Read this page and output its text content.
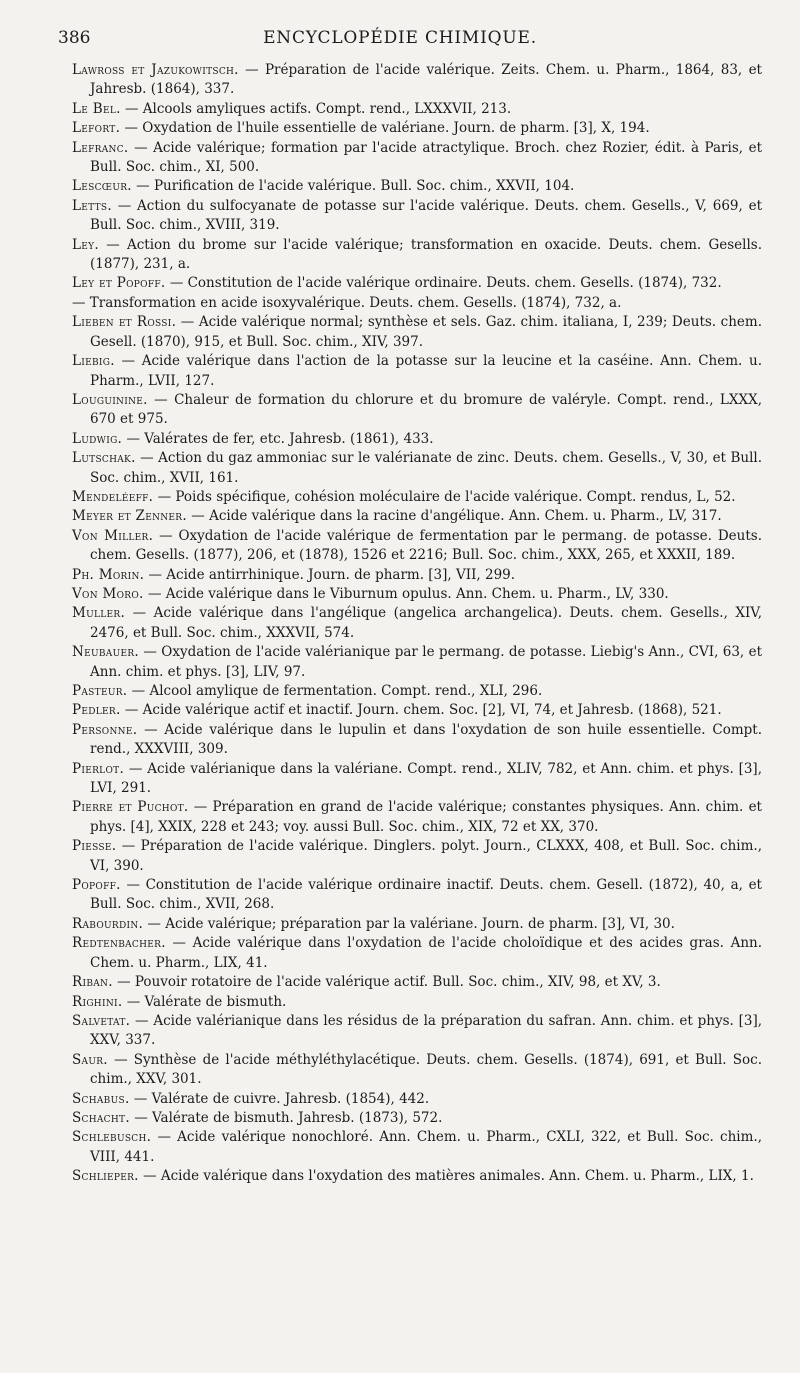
386	ENCYCLOPÉDIE CHIMIQUE.

Lawross et Jazukowitsch. — Préparation de l'acide valérique. Zeits. Chem. u. Pharm., 1864, 83, et Jahresb. (1864), 337.

Le Bel. — Alcools amyliques actifs. Compt. rend., LXXXVII, 213.

Lefort. — Oxydation de l'huile essentielle de valériane. Journ. de pharm. [3], X, 194.

Lefranc. — Acide valérique; formation par l'acide atractylique. Broch. chez Rozier, édit. à Paris, et Bull. Soc. chim., XI, 500.

Lescœur. — Purification de l'acide valérique. Bull. Soc. chim., XXVII, 104.

Letts. — Action du sulfocyanate de potasse sur l'acide valérique. Deuts. chem. Gesells., V, 669, et Bull. Soc. chim., XVIII, 319.

Ley. — Action du brome sur l'acide valérique; transformation en oxacide. Deuts. chem. Gesells. (1877), 231, a.

Ley et Popoff. — Constitution de l'acide valérique ordinaire. Deuts. chem. Gesells. (1874), 732.

— Transformation en acide isoxyvalérique. Deuts. chem. Gesells. (1874), 732, a.

Lieben et Rossi. — Acide valérique normal; synthèse et sels. Gaz. chim. italiana, I, 239; Deuts. chem. Gesell. (1870), 915, et Bull. Soc. chim., XIV, 397.

Liebig. — Acide valérique dans l'action de la potasse sur la leucine et la caséine. Ann. Chem. u. Pharm., LVII, 127.

Louguinine. — Chaleur de formation du chlorure et du bromure de valéryle. Compt. rend., LXXX, 670 et 975.

Ludwig. — Valérates de fer, etc. Jahresb. (1861), 433.

Lutschak. — Action du gaz ammoniac sur le valérianate de zinc. Deuts. chem. Gesells., V, 30, et Bull. Soc. chim., XVII, 161.

Mendeléeff. — Poids spécifique, cohésion moléculaire de l'acide valérique. Compt. rendus, L, 52.

Meyer et Zenner. — Acide valérique dans la racine d'angélique. Ann. Chem. u. Pharm., LV, 317.

Von Miller. — Oxydation de l'acide valérique de fermentation par le permang. de potasse. Deuts. chem. Gesells. (1877), 206, et (1878), 1526 et 2216; Bull. Soc. chim., XXX, 265, et XXXII, 189.

Ph. Morin. — Acide antirrhinique. Journ. de pharm. [3], VII, 299.

Von Moro. — Acide valérique dans le Viburnum opulus. Ann. Chem. u. Pharm., LV, 330.

Muller. — Acide valérique dans l'angélique (angelica archangelica). Deuts. chem. Gesells., XIV, 2476, et Bull. Soc. chim., XXXVII, 574.

Neubauer. — Oxydation de l'acide valérianique par le permang. de potasse. Liebig's Ann., CVI, 63, et Ann. chim. et phys. [3], LIV, 97.

Pasteur. — Alcool amylique de fermentation. Compt. rend., XLI, 296.

Pedler. — Acide valérique actif et inactif. Journ. chem. Soc. [2], VI, 74, et Jahresb. (1868), 521.

Personne. — Acide valérique dans le lupulin et dans l'oxydation de son huile essentielle. Compt. rend., XXXVIII, 309.

Pierlot. — Acide valérianique dans la valériane. Compt. rend., XLIV, 782, et Ann. chim. et phys. [3], LVI, 291.

Pierre et Puchot. — Préparation en grand de l'acide valérique; constantes physiques. Ann. chim. et phys. [4], XXIX, 228 et 243; voy. aussi Bull. Soc. chim., XIX, 72 et XX, 370.

Piesse. — Préparation de l'acide valérique. Dinglers. polyt. Journ., CLXXX, 408, et Bull. Soc. chim., VI, 390.

Popoff. — Constitution de l'acide valérique ordinaire inactif. Deuts. chem. Gesell. (1872), 40, a, et Bull. Soc. chim., XVII, 268.

Rabourdin. — Acide valérique; préparation par la valériane. Journ. de pharm. [3], VI, 30.

Redtenbacher. — Acide valérique dans l'oxydation de l'acide choloïdique et des acides gras. Ann. Chem. u. Pharm., LIX, 41.

Riban. — Pouvoir rotatoire de l'acide valérique actif. Bull. Soc. chim., XIV, 98, et XV, 3.

Righini. — Valérate de bismuth.

Salvetat. — Acide valérianique dans les résidus de la préparation du safran. Ann. chim. et phys. [3], XXV, 337.

Saur. — Synthèse de l'acide méthyléthylacétique. Deuts. chem. Gesells. (1874), 691, et Bull. Soc. chim., XXV, 301.

Schabus. — Valérate de cuivre. Jahresb. (1854), 442.

Schacht. — Valérate de bismuth. Jahresb. (1873), 572.

Schlebusch. — Acide valérique nonochloré. Ann. Chem. u. Pharm., CXLI, 322, et Bull. Soc. chim., VIII, 441.

Schlieper. — Acide valérique dans l'oxydation des matières animales. Ann. Chem. u. Pharm., LIX, 1.
